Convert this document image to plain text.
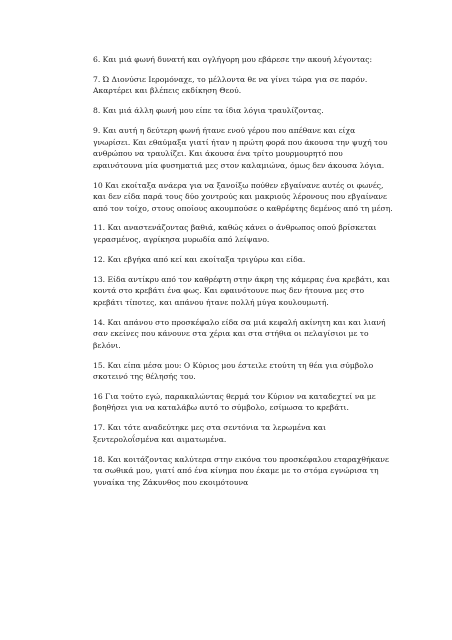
6. Και μιά φωνή δυνατή και ογλήγορη μου εβάρεσε την ακουή λέγοντας:

7. Ώ Διονύσιε Ιερομόναχε, το μέλλοντα θε να γίνει τώρα για σε παρόν. Ακαρτέρει και βλέπεις εκδίκηση Θεού.

8. Και μιά άλλη φωνή μου είπε τα ίδια λόγια τραυλίζοντας.

9. Και αυτή η δεύτερη φωνή ήτανε ενού γέρου που απέθανε και είχα γνωρίσει. Και εθαύμαξα γιατί ήταν η πρώτη φορά που άκουσα την ψυχή του ανθρώπου να τραυλίζει. Και άκουσα ένα τρίτο μουρμουρητό που εφαινότουνα μία φυσηματιά μες στον καλαμιώνα, όμως δεν άκουσα λόγια.

10 Και εκοίταξα ανάερα για να ξανοίξω πούθεν εβγαίνανε αυτές οι φωνές, και δεν είδα παρά τους δύο χοντρούς και μακριούς λέρονους που εβγαίνανε από τον τοίχο, στους οποίους ακουμπούσε ο καθρέφτης δεμένος από τη μέση.

11. Και αναστενάζοντας βαθιά, καθώς κάνει ο άνθρωπος οπού βρίσκεται γερασμένος, αγρίκησα μυρωδία από λείψανο.

12. Και εβγήκα από κεί και εκοίταξα τριγύρω και είδα.

13. Είδα αντίκρυ από τον καθρέφτη στην άκρη της κάμερας ένα κρεβάτι, και κοντά στο κρεβάτι ένα φως. Και εφαινότουνε πως δεν ήτουνα μες στο κρεβάτι τίποτες, και απάνου ήτανε πολλή μύγα κουλουμωτή.

14. Και απάνου στο προσκέφαλο είδα σα μιά κεφαλή ακίνητη και και λιανή σαν εκείνες που κάνουνε στα χέρια και στα στήθια οι πελαγίσιοι με το βελόνι.

15. Και είπα μέσα μου: Ο Κύριος μου έστειλε ετούτη τη θέα για σύμβολο σκοτεινό της θέλησής του.

16 Για τούτο εγώ, παρακαλώντας θερμά τον Κύριον να καταδεχτεί να με βοηθήσει για να καταλάβω αυτό το σύμβολο, εσίμωσα το κρεβάτι.

17. Και τότε αναδεύτηκε μες στα σεντόνια τα λερωμένα και ξεντερολοΐσμένα και αιματωμένα.

18. Και κοιτάζοντας καλύτερα στην εικόνα του προσκέφαλου εταραχθήκανε τα σωθικά μου, γιατί από ένα κίνημα που έκαμε με το στόμα εγνώρισα τη γυναίκα της Ζάκυνθος που εκοιμότουνα
